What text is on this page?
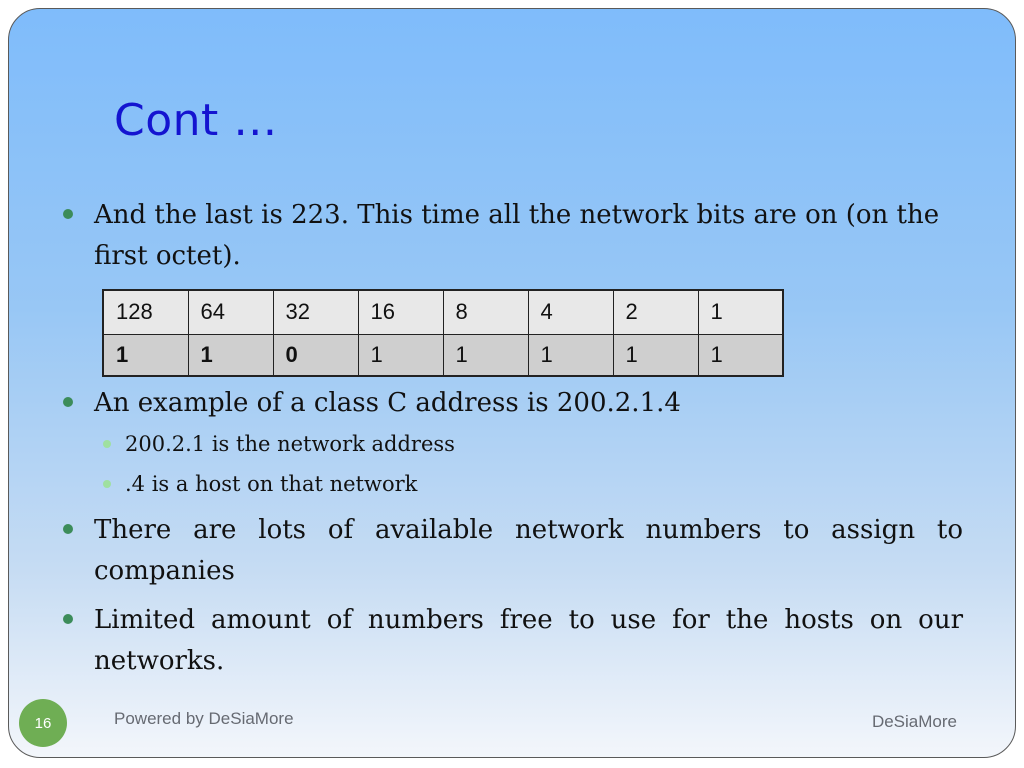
Cont …
And the last is 223. This time all the network bits are on (on the first octet).
128	64	32	16	8	4	2	1
1	1	0	1	1	1	1	1
An example of a class C address is 200.2.1.4
200.2.1 is the network address
.4 is a host on that network
There are lots of available network numbers to assign to companies
Limited amount of numbers free to use for the hosts on our networks.
16	Powered by DeSiaMore	DeSiaMore
